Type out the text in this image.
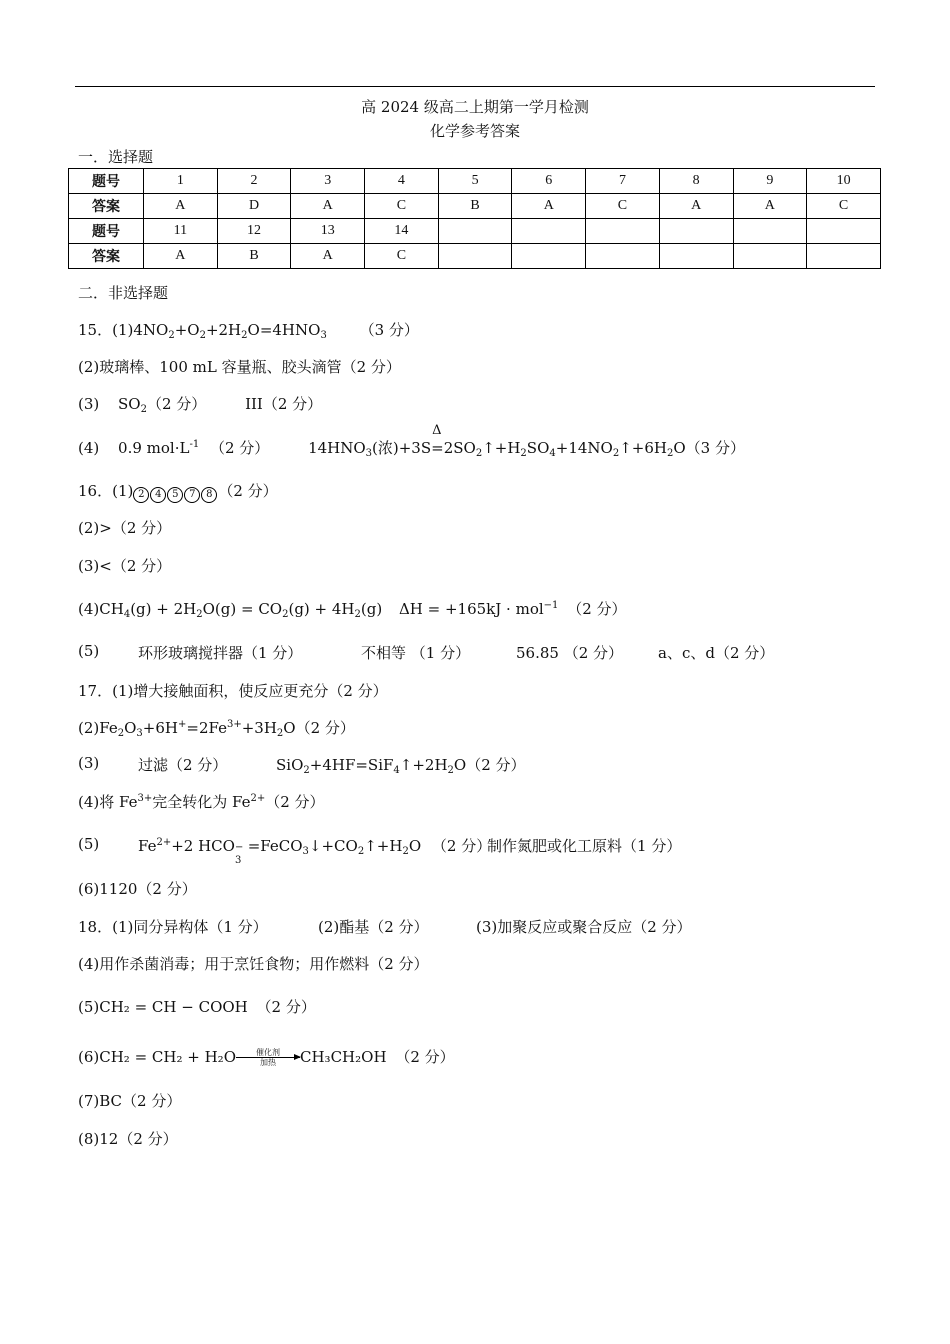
高 2024 级高二上期第一学月检测
化学参考答案
一．选择题
题号	1	2	3	4	5	6	7	8	9	10
答案	A	D	A	C	B	A	C	A	A	C
题号	11	12	13	14						
答案	A	B	A	C						
二．非选择题
15．$(1)4NO_2+O_2+2H_2O=4HNO_3$ （3 分）
(2)玻璃棒、100 mL 容量瓶、胶头滴管（2 分）
(3) $SO_2(2$ 分）	III（2 分）
(4) 0.9 $mol\cdot L^{-1}$ （2 分）	$14HNO_3$(浓)+3S
Δ
$=2SO_2↑+H_2SO_4+14NO_2↑+6H_2O(3$ 分）
16．(1) 2 4 5 7 8 （2 分）
(2)>（2 分）
(3)<（2 分）
$(4)CH_4(g) + 2H_2O(g) = CO_2(g) + 4H_2(g) \Delta H = +165kJ \cdot mol^{-1}$ （2 分）
(5)	环形玻璃搅拌器（1 分）	不相等 （1 分）	56.85 （2 分） a、c、d（2 分）
17．(1)增大接触面积，使反应更充分（2 分）
$(2)Fe_2O_3+6H^+=2Fe^{3+}+3H_2O(2$ 分）
(3)	过滤（2 分）	$SiO_2+4HF=SiF_4↑+2H_2O(2$ 分）
(4)将 $Fe^{3+}$完全转化为 $Fe^{2+}(2$ 分）
(5)	$Fe^{2+}+2$ HCO −
3
$=FeCO_3↓+CO_2↑+H_2O$ （2 分）
制作氮肥或化工原料（1 分）
(6)1120（2 分）
18．(1)同分异构体（1 分）	(2)酯基（2 分）	(3)加聚反应或聚合反应（2 分）
(4)用作杀菌消毒；用于烹饪食物；用作燃料（2 分）
(5)CH₂ = CH − COOH （2 分）
(6)CH₂ = CH₂ + H₂O	催化剂
加热	CH₃CH₂OH （2 分）
(7)BC（2 分）
(8)12（2 分）
